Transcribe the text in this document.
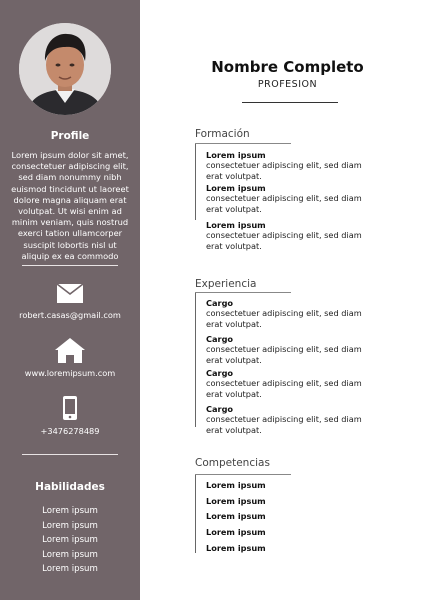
Profile
Lorem ipsum dolor sit amet, consectetuer adipiscing elit, sed diam nonummy nibh euismod tincidunt ut laoreet dolore magna aliquam erat volutpat. Ut wisi enim ad minim veniam, quis nostrud exerci tation ullamcorper suscipit lobortis nisl ut aliquip ex ea commodo
robert.casas@gmail.com
www.loremipsum.com
+3476278489
Habilidades
Lorem ipsum
Lorem ipsum
Lorem ipsum
Lorem ipsum
Lorem ipsum
Nombre Completo
PROFESION
Formación
Lorem ipsum
consectetuer adipiscing elit, sed diam erat volutpat.
Lorem ipsum
consectetuer adipiscing elit, sed diam erat volutpat.
Lorem ipsum
consectetuer adipiscing elit, sed diam erat volutpat.
Experiencia
Cargo
consectetuer adipiscing elit, sed diam erat volutpat.
Cargo
consectetuer adipiscing elit, sed diam erat volutpat.
Cargo
consectetuer adipiscing elit, sed diam erat volutpat.
Cargo
consectetuer adipiscing elit, sed diam erat volutpat.
Competencias
Lorem ipsum
Lorem ipsum
Lorem ipsum
Lorem ipsum
Lorem ipsum
